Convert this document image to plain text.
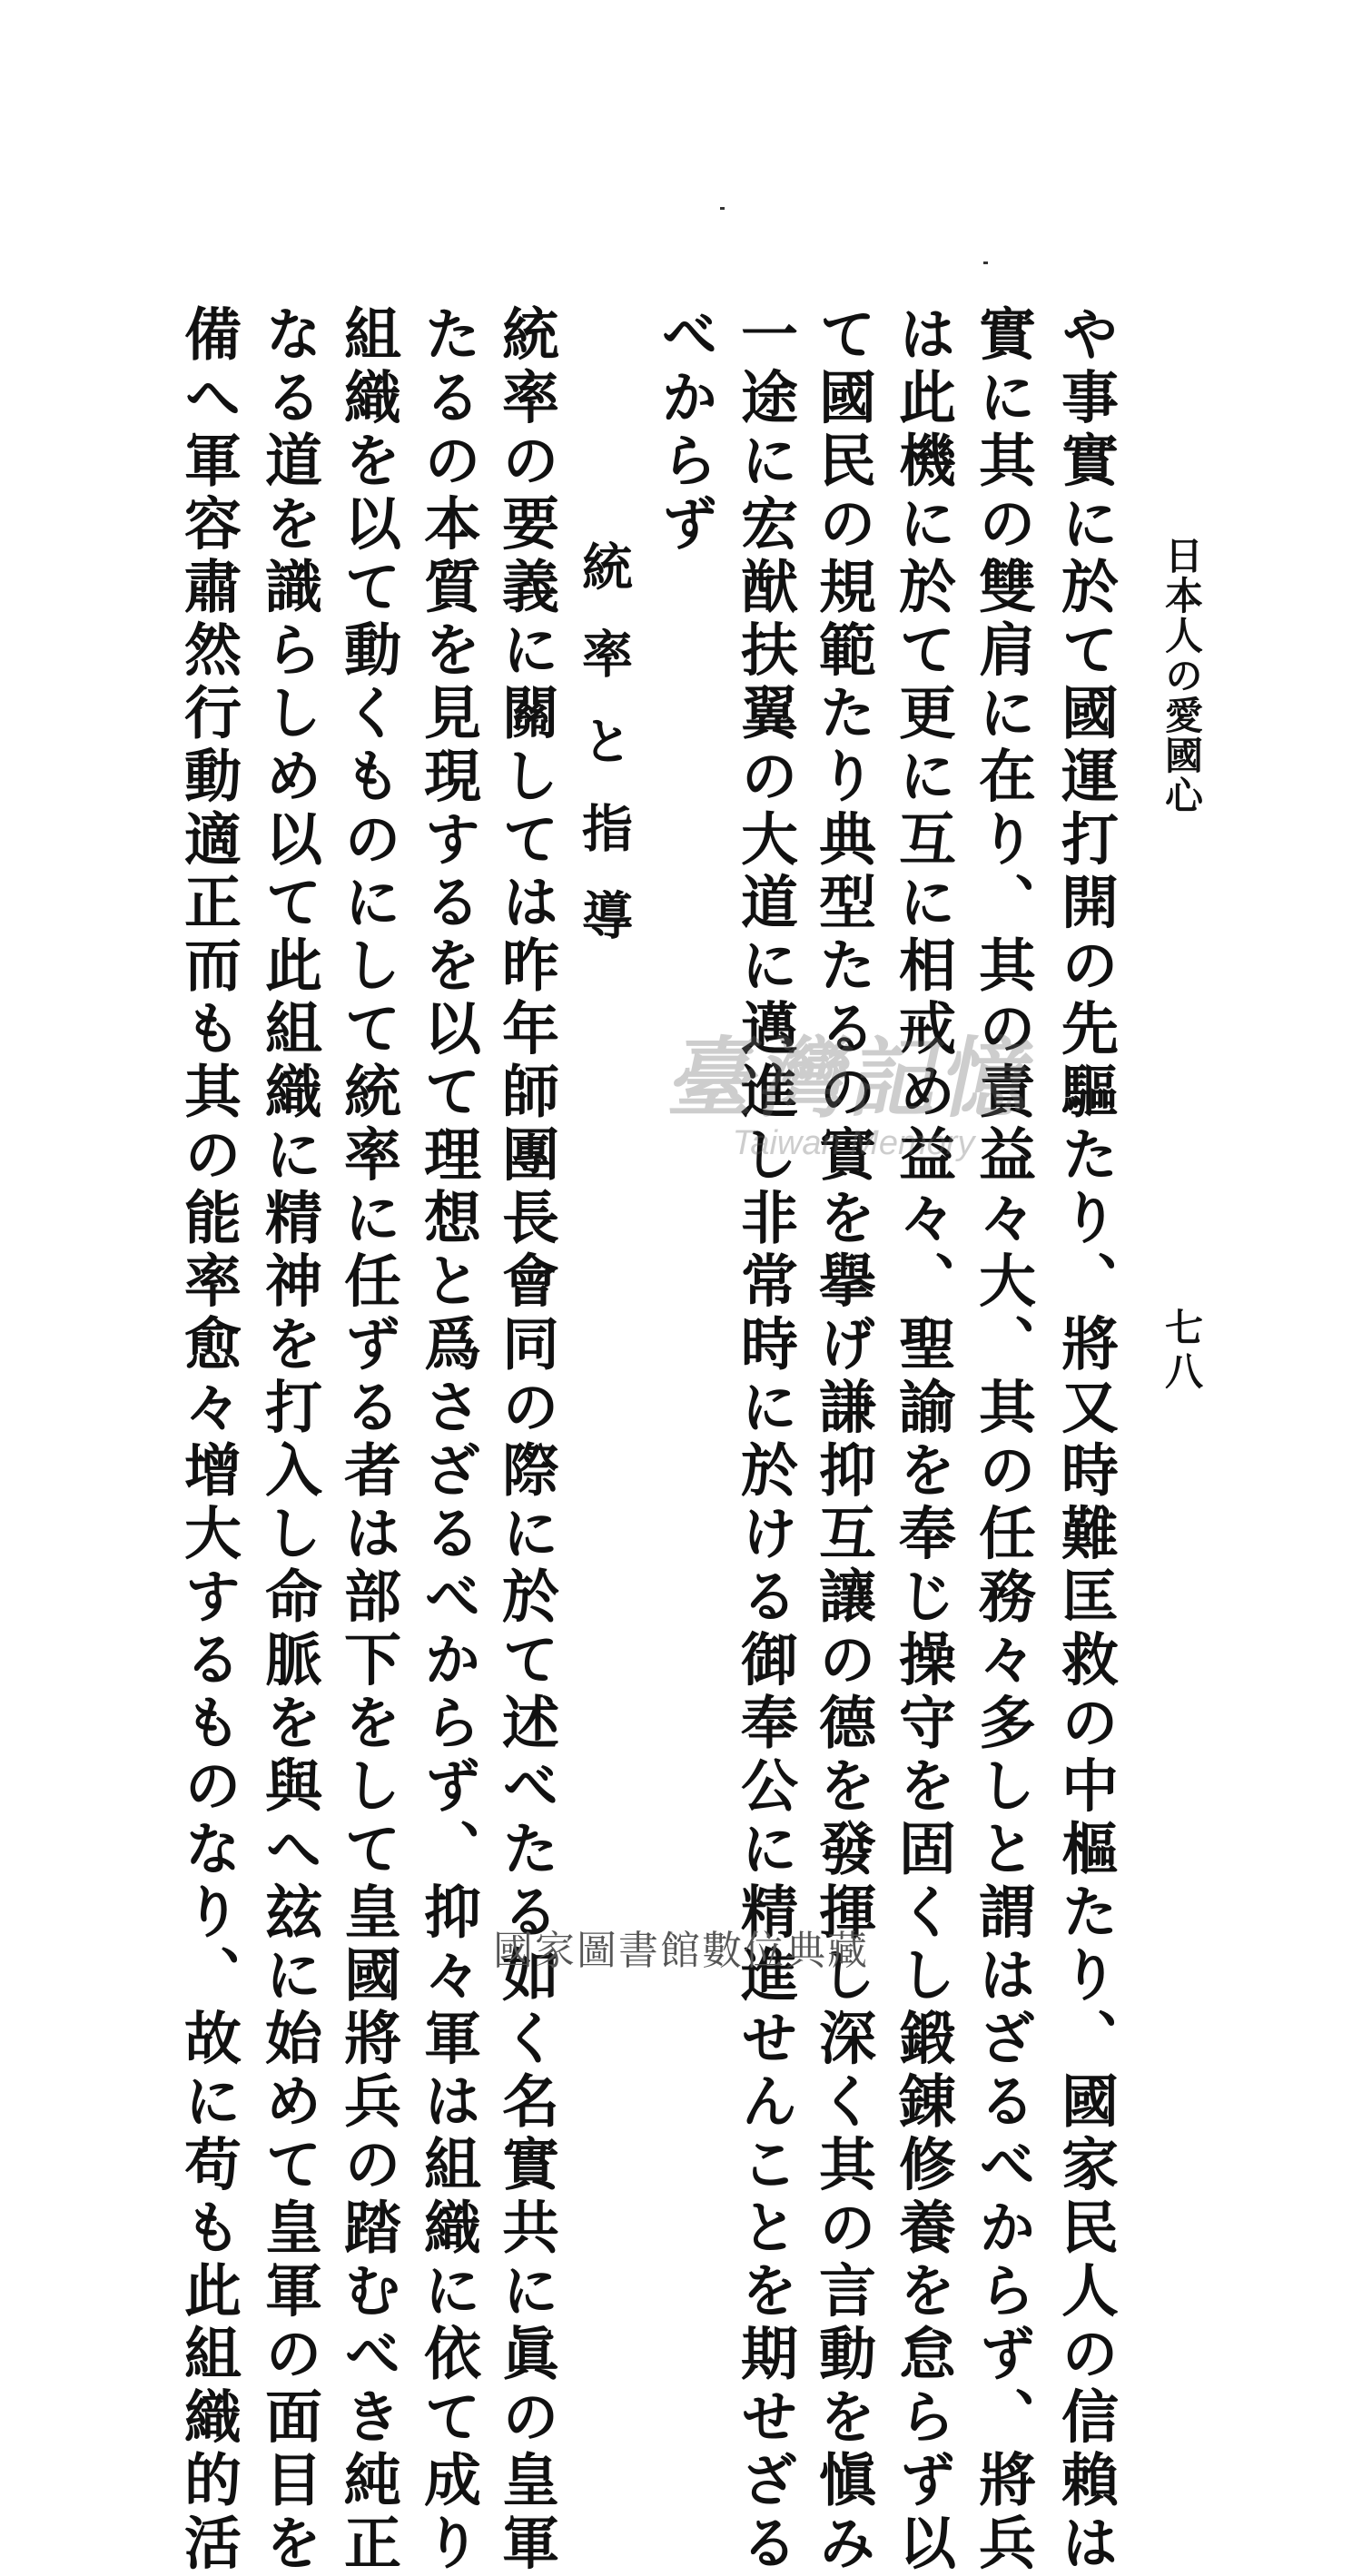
日本人の愛國心
七八
や事實に於て國運打開の先驅たり、將又時難匡救の中樞たり、國家民人の信賴は
實に其の雙肩に在り、其の責益々大、其の任務々多しと謂はざるべからず、將兵
は此機に於て更に互に相戒め益々、聖諭を奉じ操守を固くし鍛錬修養を怠らず以
て國民の規範たり典型たるの實を擧げ謙抑互讓の德を發揮し深く其の言動を愼み
一途に宏猷扶翼の大道に邁進し非常時に於ける御奉公に精進せんことを期せざる
べからず
統率と指導
統率の要義に關しては昨年師團長會同の際に於て述べたる如く名實共に眞の皇軍
たるの本質を見現するを以て理想と爲さざるべからず、抑々軍は組織に依て成り
組織を以て動くものにして統率に任ずる者は部下をして皇國將兵の踏むべき純正
なる道を識らしめ以て此組織に精神を打入し命脈を與へ玆に始めて皇軍の面目を
備へ軍容肅然行動適正而も其の能率愈々增大するものなり、故に苟も此組織的活	臺灣記憶
Taiwan Memory
國家圖書館數位典藏
